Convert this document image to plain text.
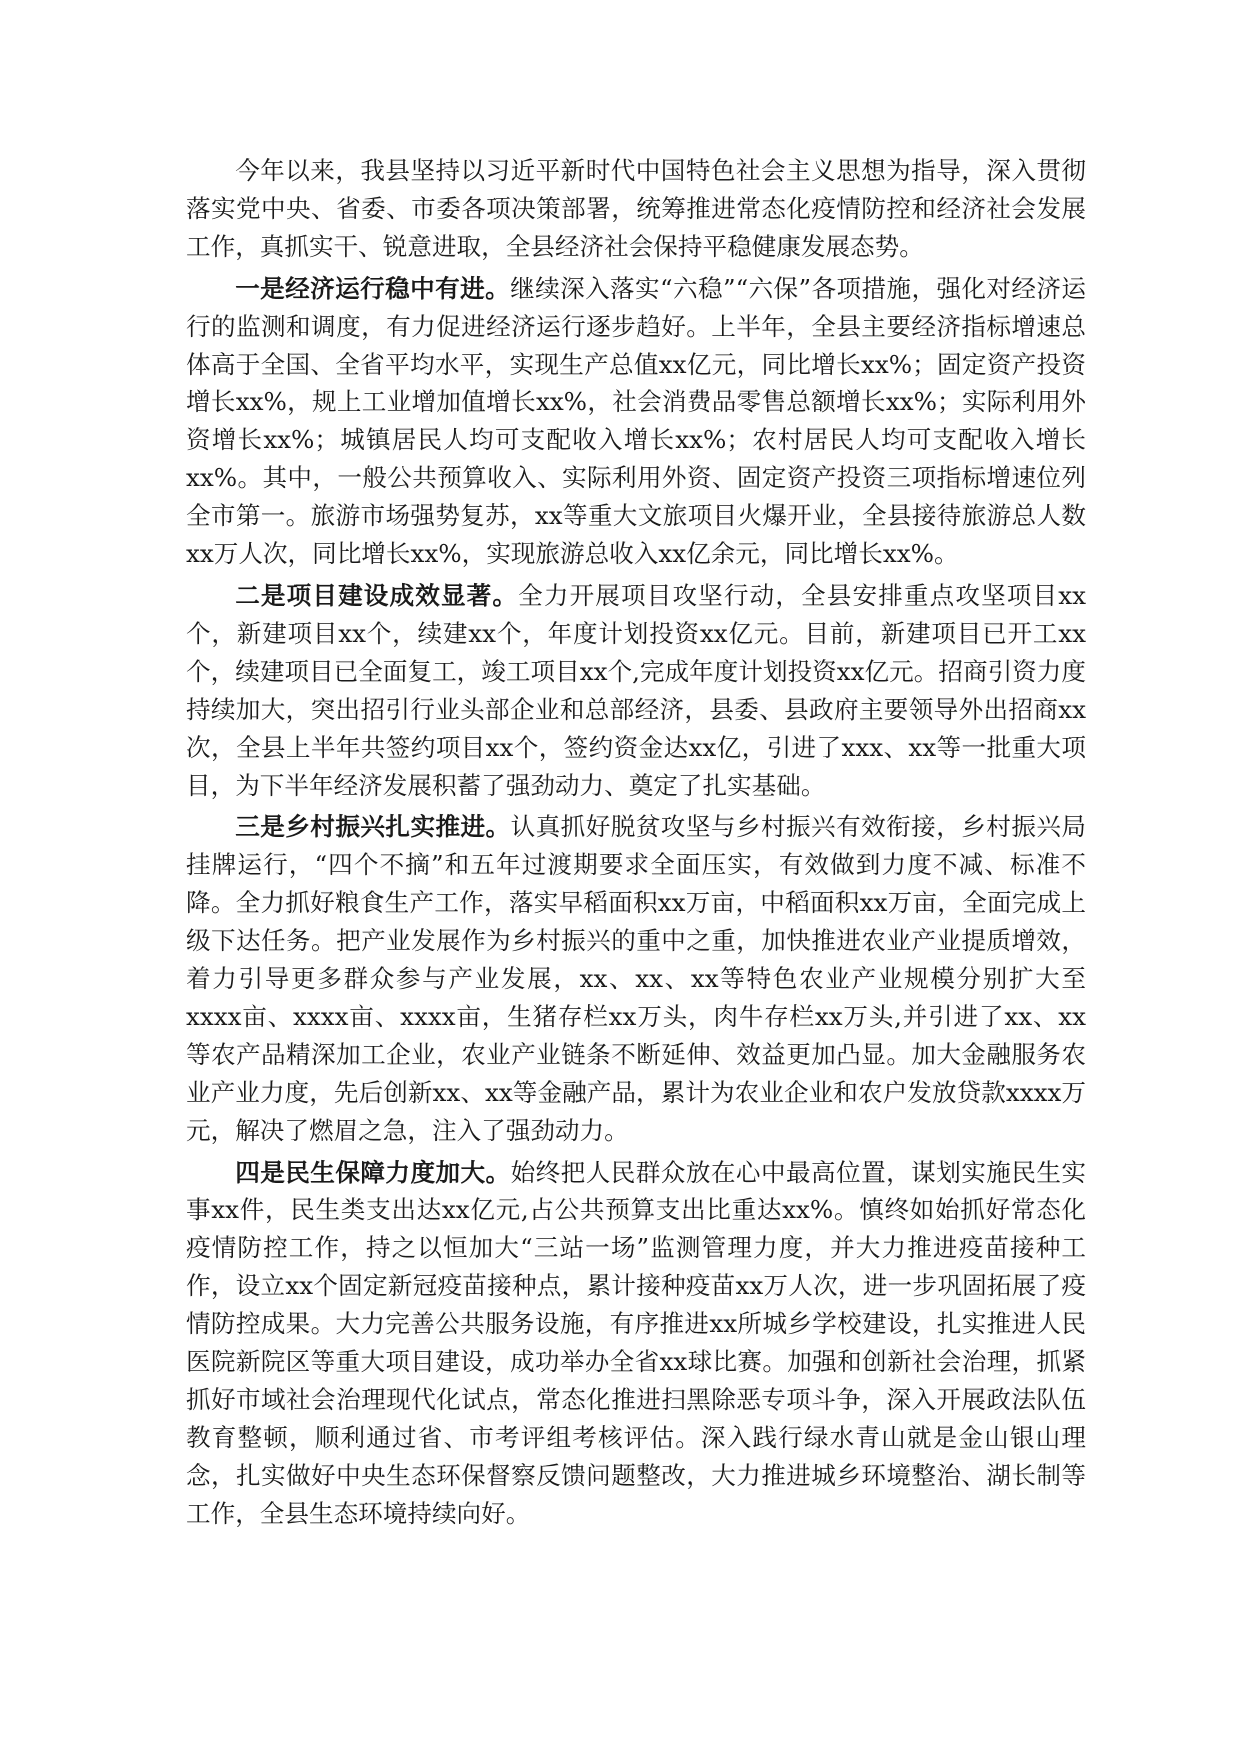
今年以来，我县坚持以习近平新时代中国特色社会主义思想为指导，深入贯彻落实党中央、省委、市委各项决策部署，统筹推进常态化疫情防控和经济社会发展工作，真抓实干、锐意进取，全县经济社会保持平稳健康发展态势。

一是经济运行稳中有进。继续深入落实“六稳”“六保”各项措施，强化对经济运行的监测和调度，有力促进经济运行逐步趋好。上半年，全县主要经济指标增速总体高于全国、全省平均水平，实现生产总值xx亿元，同比增长xx%；固定资产投资增长xx%，规上工业增加值增长xx%，社会消费品零售总额增长xx%；实际利用外资增长xx%；城镇居民人均可支配收入增长xx%；农村居民人均可支配收入增长xx%。其中，一般公共预算收入、实际利用外资、固定资产投资三项指标增速位列全市第一。旅游市场强势复苏，xx等重大文旅项目火爆开业，全县接待旅游总人数xx万人次，同比增长xx%，实现旅游总收入xx亿余元，同比增长xx%。

二是项目建设成效显著。全力开展项目攻坚行动，全县安排重点攻坚项目xx个，新建项目xx个，续建xx个，年度计划投资xx亿元。目前，新建项目已开工xx个，续建项目已全面复工，竣工项目xx个,完成年度计划投资xx亿元。招商引资力度持续加大，突出招引行业头部企业和总部经济，县委、县政府主要领导外出招商xx次，全县上半年共签约项目xx个，签约资金达xx亿，引进了xxx、xx等一批重大项目，为下半年经济发展积蓄了强劲动力、奠定了扎实基础。

三是乡村振兴扎实推进。认真抓好脱贫攻坚与乡村振兴有效衔接，乡村振兴局挂牌运行，“四个不摘”和五年过渡期要求全面压实，有效做到力度不减、标准不降。全力抓好粮食生产工作，落实早稻面积xx万亩，中稻面积xx万亩，全面完成上级下达任务。把产业发展作为乡村振兴的重中之重，加快推进农业产业提质增效，着力引导更多群众参与产业发展，xx、xx、xx等特色农业产业规模分别扩大至xxxx亩、xxxx亩、xxxx亩，生猪存栏xx万头，肉牛存栏xx万头,并引进了xx、xx等农产品精深加工企业，农业产业链条不断延伸、效益更加凸显。加大金融服务农业产业力度，先后创新xx、xx等金融产品，累计为农业企业和农户发放贷款xxxx万元，解决了燃眉之急，注入了强劲动力。

四是民生保障力度加大。始终把人民群众放在心中最高位置，谋划实施民生实事xx件，民生类支出达xx亿元,占公共预算支出比重达xx%。慎终如始抓好常态化疫情防控工作，持之以恒加大“三站一场”监测管理力度，并大力推进疫苗接种工作，设立xx个固定新冠疫苗接种点，累计接种疫苗xx万人次，进一步巩固拓展了疫情防控成果。大力完善公共服务设施，有序推进xx所城乡学校建设，扎实推进人民医院新院区等重大项目建设，成功举办全省xx球比赛。加强和创新社会治理，抓紧抓好市域社会治理现代化试点，常态化推进扫黑除恶专项斗争，深入开展政法队伍教育整顿，顺利通过省、市考评组考核评估。深入践行绿水青山就是金山银山理念，扎实做好中央生态环保督察反馈问题整改，大力推进城乡环境整治、湖长制等工作，全县生态环境持续向好。
